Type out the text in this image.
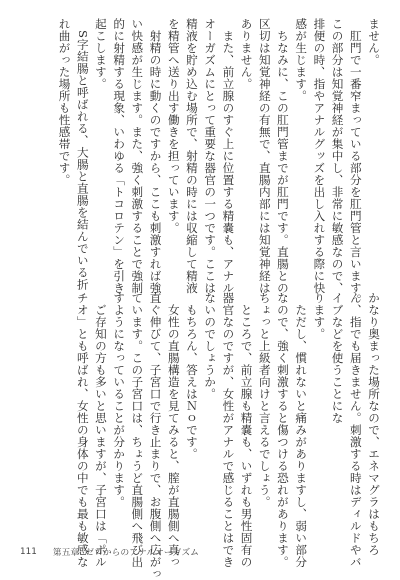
ません。
　肛門で一番窄まっている部分を肛門管と言います。
この部分は知覚神経が集中し、非常に敏感なので、
排便の時、指やアナルグッズを出し入れする際に快
感が生じます。
　ちなみに、この肛門管までが肛門です。直腸との
区切は知覚神経の有無で、直腸内部には知覚神経は
ありません。
　また、前立腺のすぐ上に位置する精嚢も、アナル
オーガズムにとって重要な器官の一つです。ここは
精液を貯め込む場所で、射精の時には収縮して精液
を精管へ送り出す働きを担っています。
　射精の時に動くのですから、ここも刺激すれば強
い快感が生じます。また、強く刺激することで強制
的に射精する現象、いわゆる「トコロテン」を引き
起こします。
　S字結腸と呼ばれる、大腸と直腸を結んでいる折
れ曲がった場所も性感帯です。
かなり奥まった場所なので、エネマグラはもちろ
ん、指でも届きません。刺激する時はディルドやバ
イブなどを使うことにな
ります。
　ただし、慣れないと痛みがありますし、弱い部分
なので、強く刺激すると傷つける恐れがあります。
ちょっと上級者向けと言えるでしょう。
　ところで、前立腺も精嚢も、いずれも男性固有の
器官なのですが、女性がアナルで感じることはでき
ないのでしょうか。
　もちろん、答えはＮｏです。
　女性の直腸構造を見てみると、膣が直腸側へ真っ
直ぐ伸びて、子宮口で行き止まりで、お腹側へ広がっ
ています。この子宮口は、ちょうど直腸側へ飛び出
すようになっていることが分かります。
　ご存知の方も多いと思いますが、子宮口は「ポル
チオ」とも呼ばれ、女性の身体の中でも最も敏感な
111 第五章 ゼロからのアナルオーガズム
